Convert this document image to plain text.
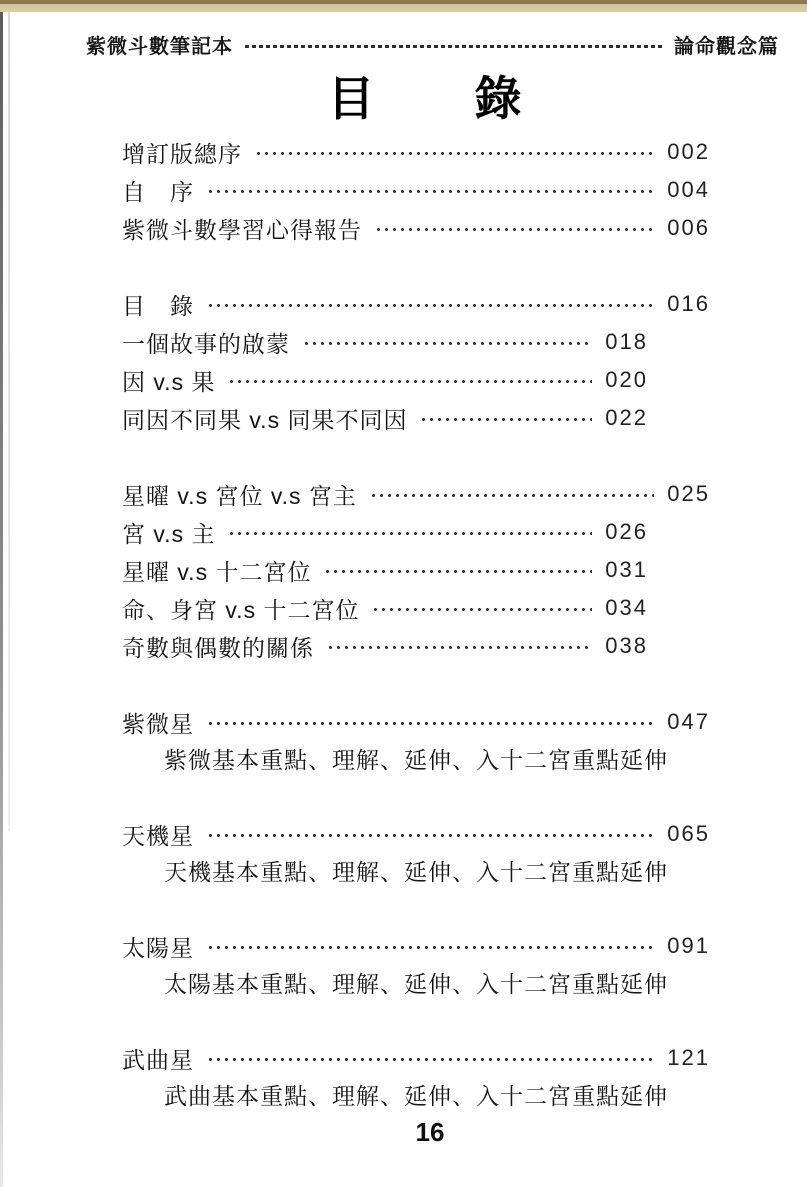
紫微斗數筆記本	論命觀念篇
目　　錄
增訂版總序	002
自　序	004
紫微斗數學習心得報告	006
目　錄	016
一個故事的啟蒙	018
因 v.s 果	020
同因不同果 v.s 同果不同因	022
星曜 v.s 宮位 v.s 宮主	025
宮 v.s 主	026
星曜 v.s 十二宮位	031
命、身宮 v.s 十二宮位	034
奇數與偶數的關係	038
紫微星	047
紫微基本重點、理解、延伸、入十二宮重點延伸
天機星	065
天機基本重點、理解、延伸、入十二宮重點延伸
太陽星	091
太陽基本重點、理解、延伸、入十二宮重點延伸
武曲星	121
武曲基本重點、理解、延伸、入十二宮重點延伸
16
